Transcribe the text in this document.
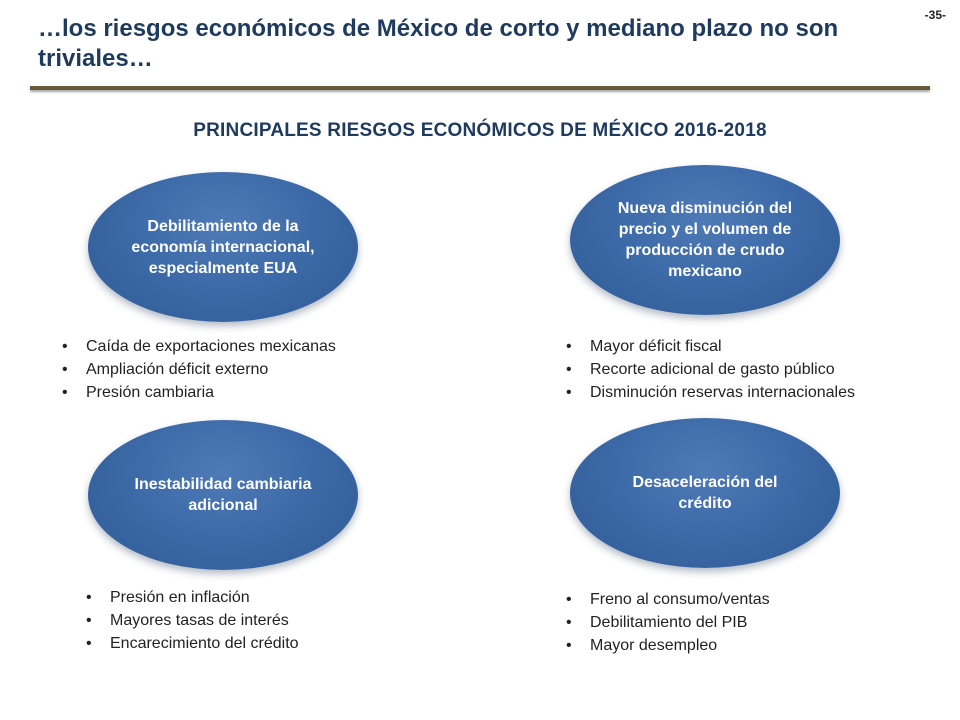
-35-
…los riesgos económicos de México de corto y mediano plazo no son triviales…
PRINCIPALES RIESGOS ECONÓMICOS DE MÉXICO 2016-2018
Debilitamiento de la economía internacional, especialmente EUA
• Caída de exportaciones mexicanas
• Ampliación déficit externo
• Presión cambiaria
Nueva disminución del precio y el volumen de producción de crudo mexicano
• Mayor déficit fiscal
• Recorte adicional de gasto público
• Disminución reservas internacionales
Inestabilidad cambiaria adicional
• Presión en inflación
• Mayores tasas de interés
• Encarecimiento del crédito
Desaceleración del crédito
• Freno al consumo/ventas
• Debilitamiento del PIB
• Mayor desempleo
